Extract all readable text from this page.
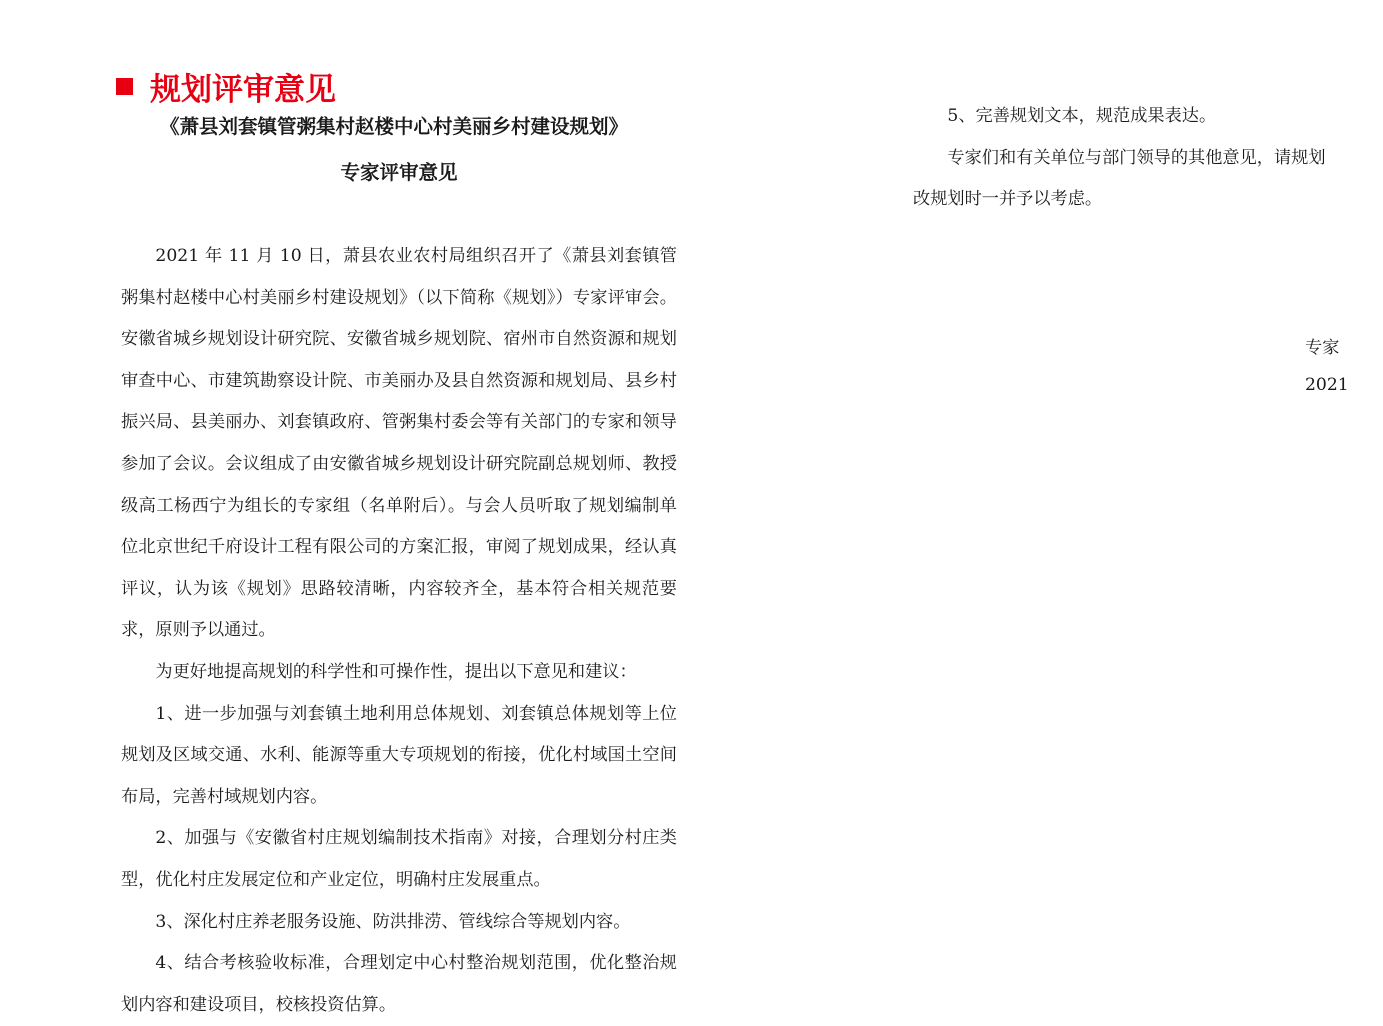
规划评审意见
《萧县刘套镇管粥集村赵楼中心村美丽乡村建设规划》
专家评审意见

2021 年 11 月 10 日，萧县农业农村局组织召开了《萧县刘套镇管粥集村赵楼中心村美丽乡村建设规划》（以下简称《规划》）专家评审会。安徽省城乡规划设计研究院、安徽省城乡规划院、宿州市自然资源和规划审查中心、市建筑勘察设计院、市美丽办及县自然资源和规划局、县乡村振兴局、县美丽办、刘套镇政府、管粥集村委会等有关部门的专家和领导参加了会议。会议组成了由安徽省城乡规划设计研究院副总规划师、教授级高工杨西宁为组长的专家组（名单附后）。与会人员听取了规划编制单位北京世纪千府设计工程有限公司的方案汇报，审阅了规划成果，经认真评议，认为该《规划》思路较清晰，内容较齐全，基本符合相关规范要求，原则予以通过。

为更好地提高规划的科学性和可操作性，提出以下意见和建议：

1、进一步加强与刘套镇土地利用总体规划、刘套镇总体规划等上位规划及区域交通、水利、能源等重大专项规划的衔接，优化村域国土空间布局，完善村域规划内容。

2、加强与《安徽省村庄规划编制技术指南》对接，合理划分村庄类型，优化村庄发展定位和产业定位，明确村庄发展重点。

3、深化村庄养老服务设施、防洪排涝、管线综合等规划内容。

4、结合考核验收标准，合理划定中心村整治规划范围，优化整治规划内容和建设项目，校核投资估算。

5、完善规划文本，规范成果表达。

专家们和有关单位与部门领导的其他意见，请规划

改规划时一并予以考虑。

专家
2021
